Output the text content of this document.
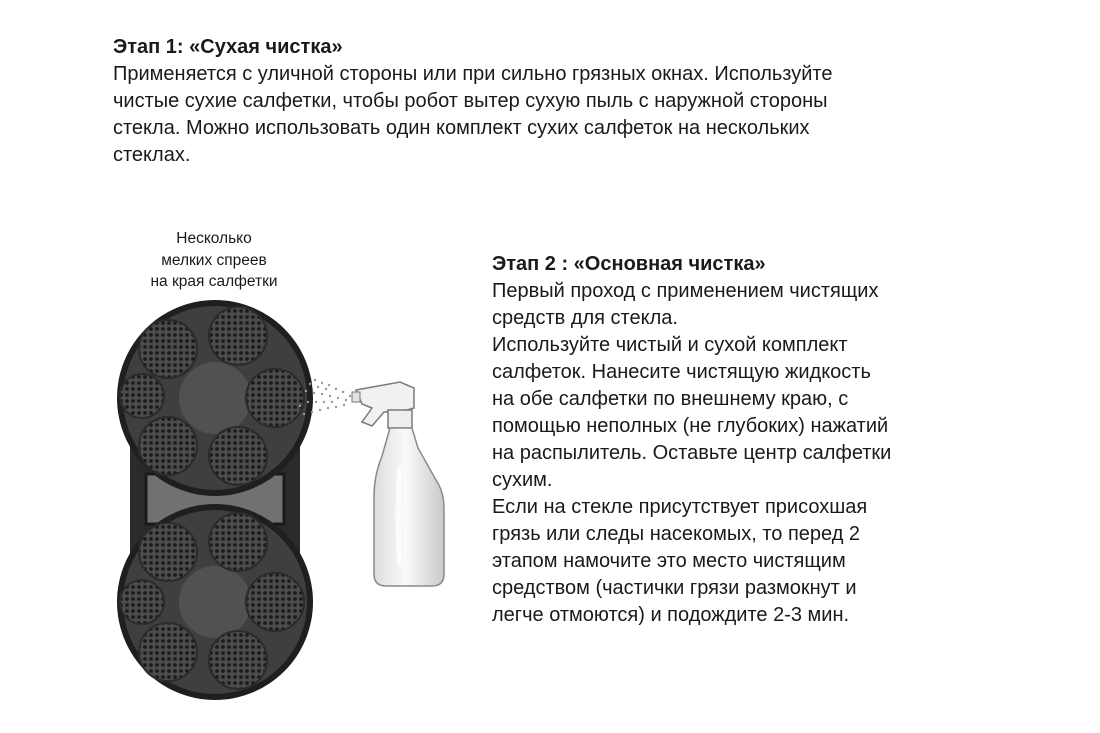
Этап 1: «Сухая чистка»

Применяется с уличной стороны или при сильно грязных окнах. Используйте
чистые сухие салфетки, чтобы робот вытер сухую пыль с наружной стороны
стекла. Можно использовать один комплект сухих салфеток на нескольких
стеклах.

Несколько
мелких спреев
на края салфетки

Этап 2 : «Основная чистка»

Первый проход с применением чистящих
средств для стекла.

Используйте чистый и сухой комплект
салфеток. Нанесите чистящую жидкость
на обе салфетки по внешнему краю, с
помощью неполных (не глубоких) нажатий
на распылитель. Оставьте центр салфетки
сухим.

Если на стекле присутствует присохшая
грязь или следы насекомых, то перед 2
этапом намочите это место чистящим
средством (частички грязи размокнут и
легче отмоются) и подождите 2-3 мин.
